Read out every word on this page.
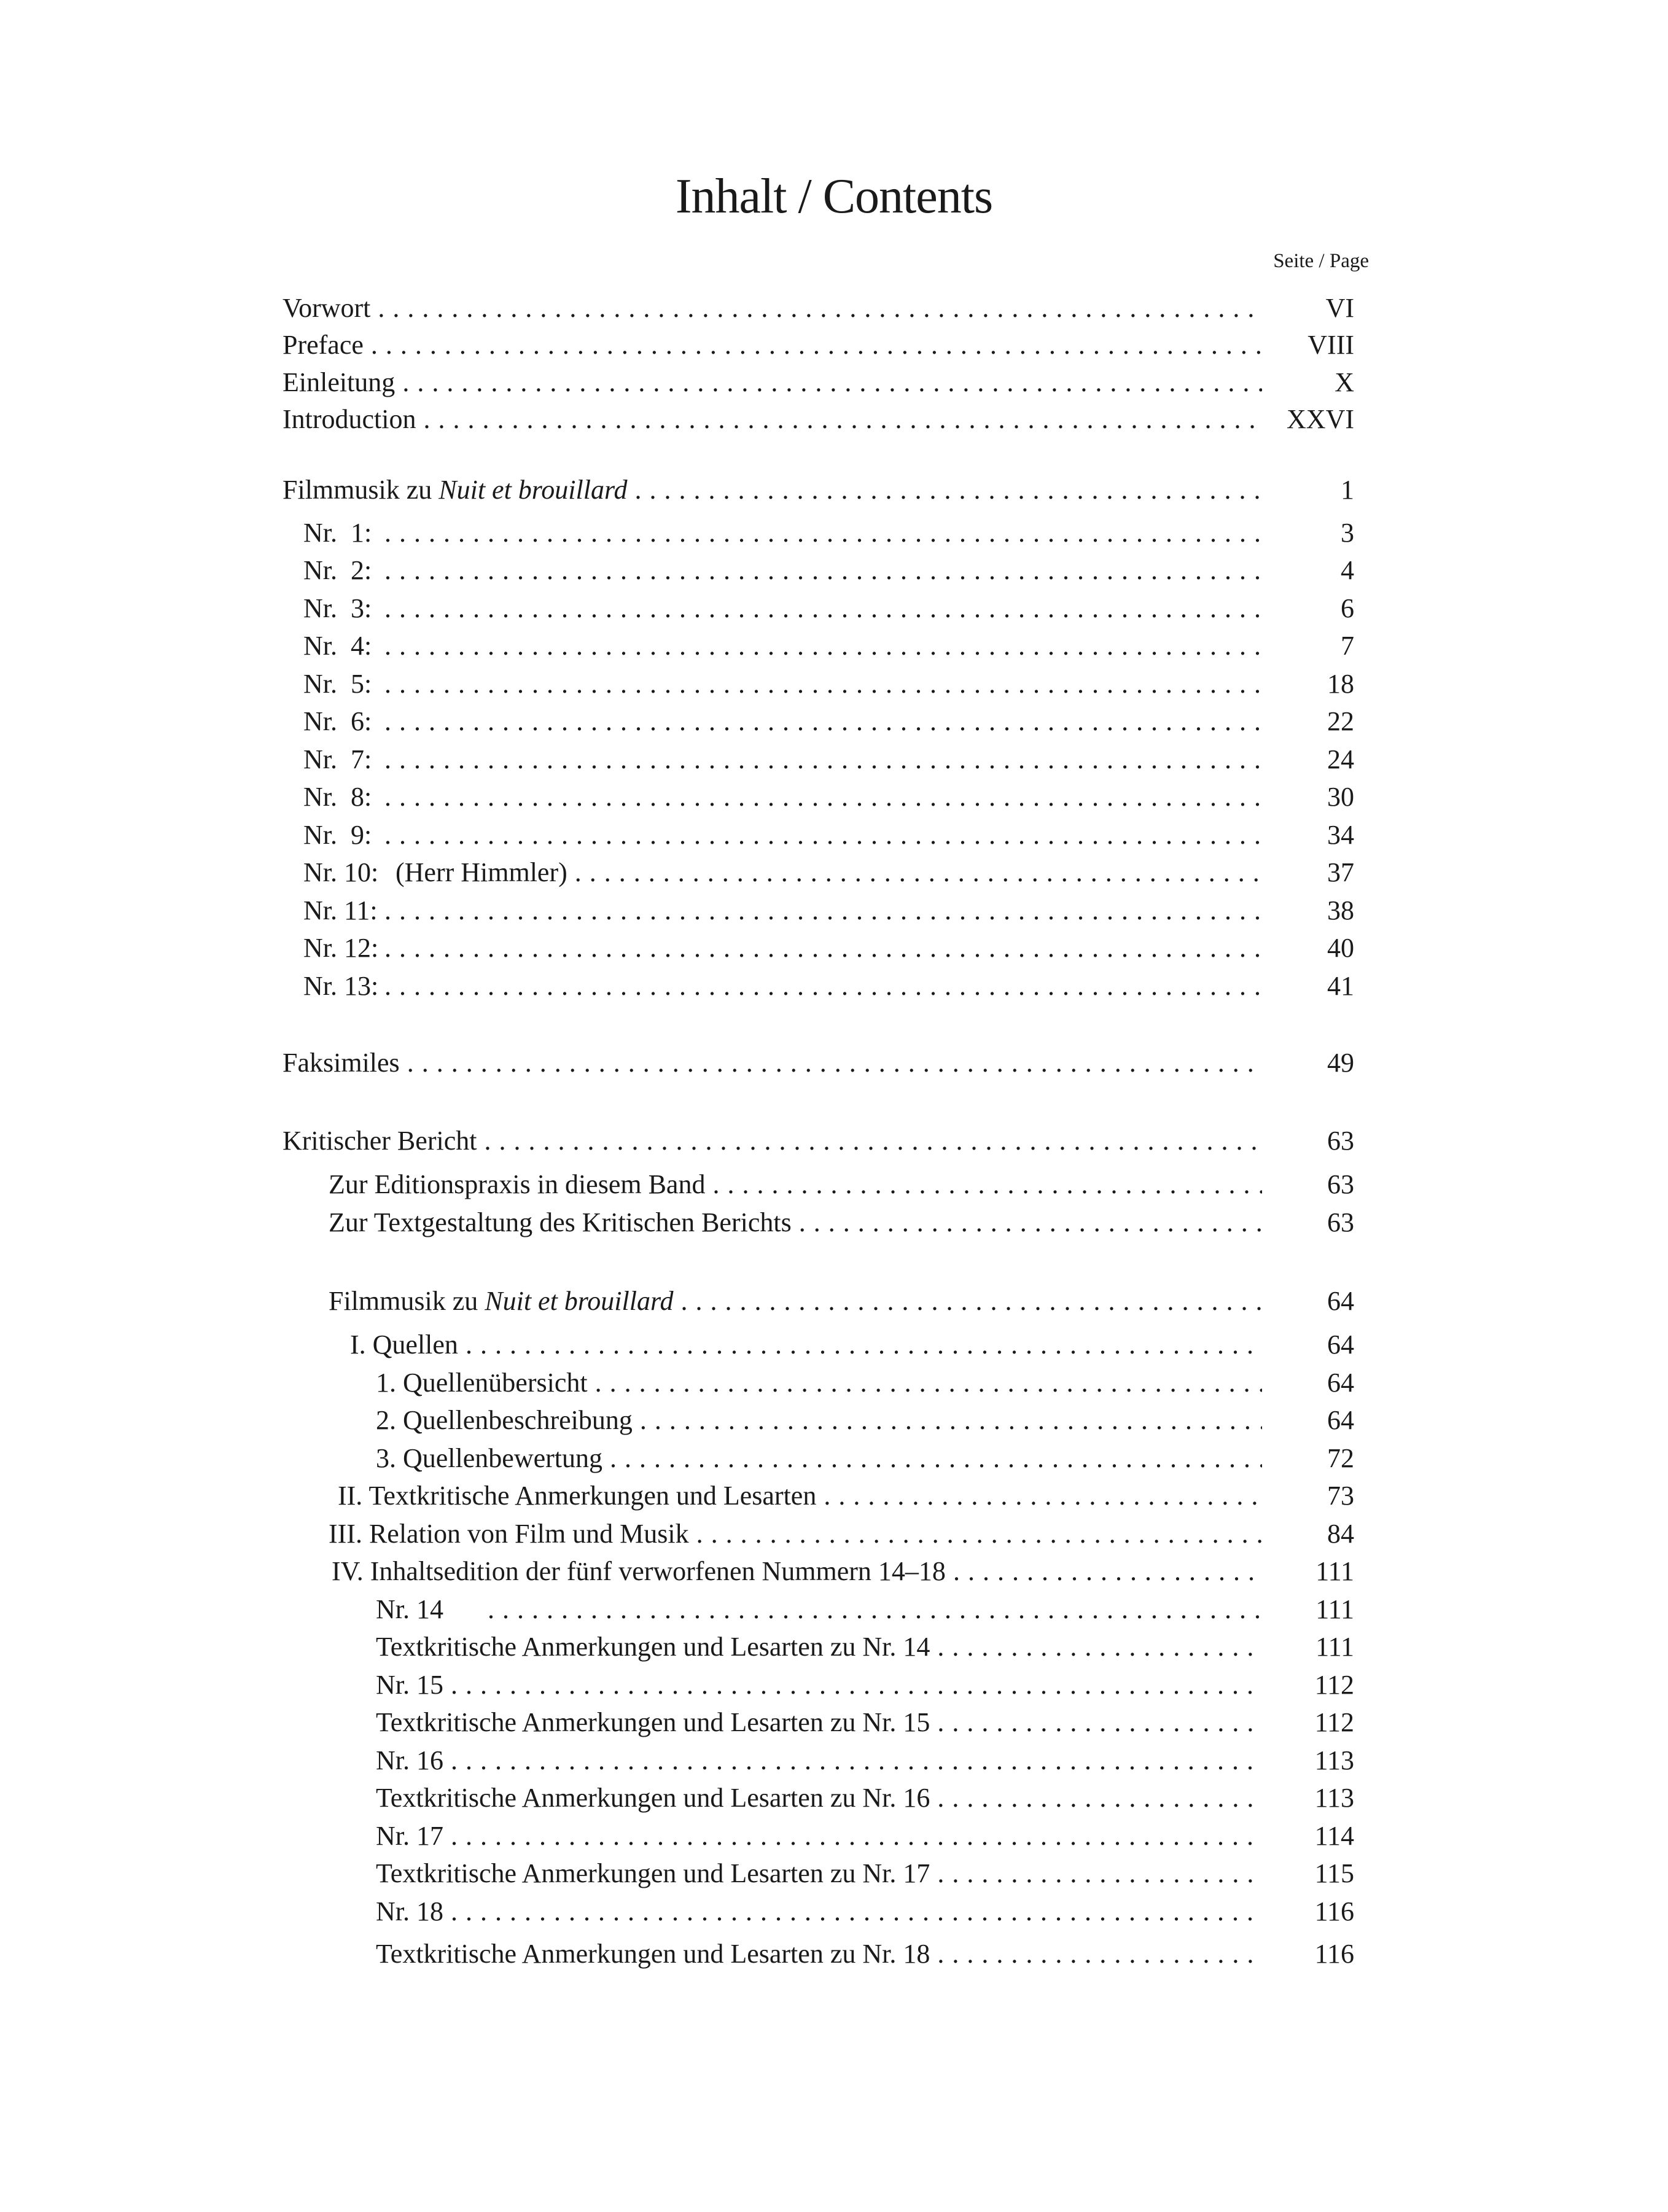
Inhalt / Contents
Seite / Page
Vorwort . . .	VI
Preface . . .	VIII
Einleitung . . .	X
Introduction . . .	XXVI
Filmmusik zu Nuit et brouillard . . .	1
Nr.  1: . . .	3
Nr.  2: . . .	4
Nr.  3: . . .	6
Nr.  4: . . .	7
Nr.  5: . . .	18
Nr.  6: . . .	22
Nr.  7: . . .	24
Nr.  8: . . .	30
Nr.  9: . . .	34
Nr. 10: (Herr Himmler) . . .	37
Nr. 11: . . .	38
Nr. 12: . . .	40
Nr. 13: . . .	41
Faksimiles . . .	49
Kritischer Bericht . . .	63
Zur Editionspraxis in diesem Band . . .	63
Zur Textgestaltung des Kritischen Berichts . . .	63
Filmmusik zu Nuit et brouillard . . .	64
I. Quellen . . .	64
1. Quellenübersicht . . .	64
2. Quellenbeschreibung . . .	64
3. Quellenbewertung . . .	72
II. Textkritische Anmerkungen und Lesarten . . .	73
III. Relation von Film und Musik . . .	84
IV. Inhaltsedition der fünf verworfenen Nummern 14–18 . . .	111
Nr. 14 . . .	111
Textkritische Anmerkungen und Lesarten zu Nr. 14 . . .	111
Nr. 15 . . .	112
Textkritische Anmerkungen und Lesarten zu Nr. 15 . . .	112
Nr. 16 . . .	113
Textkritische Anmerkungen und Lesarten zu Nr. 16 . . .	113
Nr. 17 . . .	114
Textkritische Anmerkungen und Lesarten zu Nr. 17 . . .	115
Nr. 18 . . .	116
Textkritische Anmerkungen und Lesarten zu Nr. 18 . . .	116
